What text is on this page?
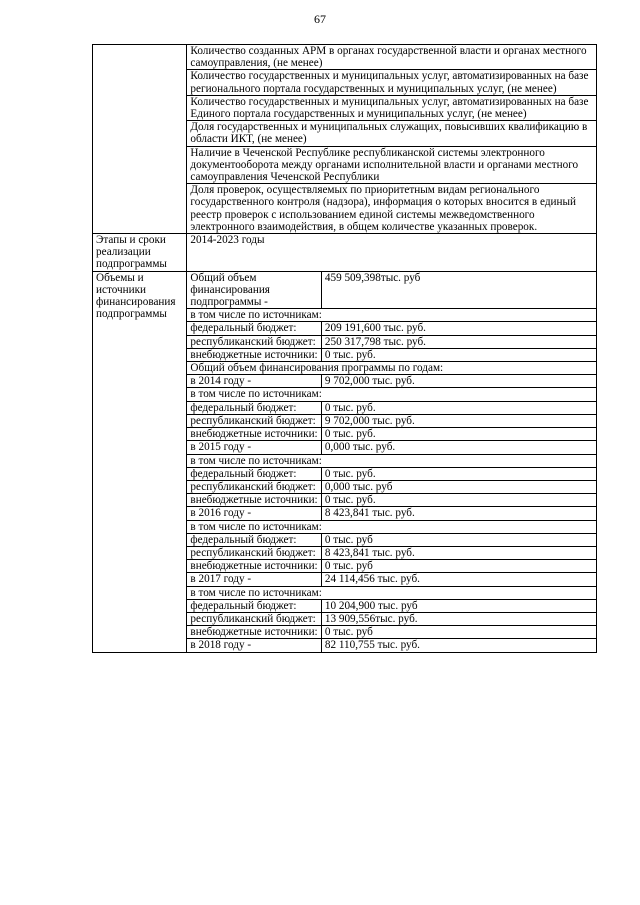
67
	Количество созданных АРМ в органах государственной власти и органах местного самоуправления, (не менее)	
	Количество государственных и муниципальных услуг, автоматизированных на базе регионального портала государственных и муниципальных услуг, (не менее)	
	Количество государственных и муниципальных услуг, автоматизированных на базе Единого портала государственных и муниципальных услуг, (не менее)	
	Доля государственных и муниципальных служащих, повысивших квалификацию в области ИКТ, (не менее)	
	Наличие в Чеченской Республике республиканской системы электронного документооборота между органами исполнительной власти и органами местного самоуправления Чеченской Республики	
	Доля проверок, осуществляемых по приоритетным видам регионального государственного контроля (надзора), информация о которых вносится в единый реестр проверок с использованием единой системы межведомственного электронного взаимодействия, в общем количестве указанных проверок.	
Этапы и сроки реализации подпрограммы	2014-2023 годы	
Объемы и источники финансирования подпрограммы	Общий объем финансирования подпрограммы -	459 509,398тыс. руб
	в том числе по источникам:	
	федеральный бюджет:	209 191,600 тыс. руб.
	республиканский бюджет:	250 317,798 тыс. руб.
	внебюджетные источники:	0 тыс. руб.
	Общий объем финансирования программы по годам:	
	в 2014 году -	9 702,000 тыс. руб.
	в том числе по источникам:	
	федеральный бюджет:	0 тыс. руб.
	республиканский бюджет:	9 702,000 тыс. руб.
	внебюджетные источники:	0 тыс. руб.
	в 2015 году -	0,000 тыс. руб.
	в том числе по источникам:	
	федеральный бюджет:	0 тыс. руб.
	республиканский бюджет:	0,000 тыс. руб
	внебюджетные источники:	0 тыс. руб.
	в 2016 году -	8 423,841 тыс. руб.
	в том числе по источникам:	
	федеральный бюджет:	0 тыс. руб
	республиканский бюджет:	8 423,841 тыс. руб.
	внебюджетные источники:	0 тыс. руб
	в 2017 году -	24 114,456 тыс. руб.
	в том числе по источникам:	
	федеральный бюджет:	10 204,900 тыс. руб
	республиканский бюджет:	13 909,556тыс. руб.
	внебюджетные источники:	0 тыс. руб
	в 2018 году -	82 110,755 тыс. руб.
